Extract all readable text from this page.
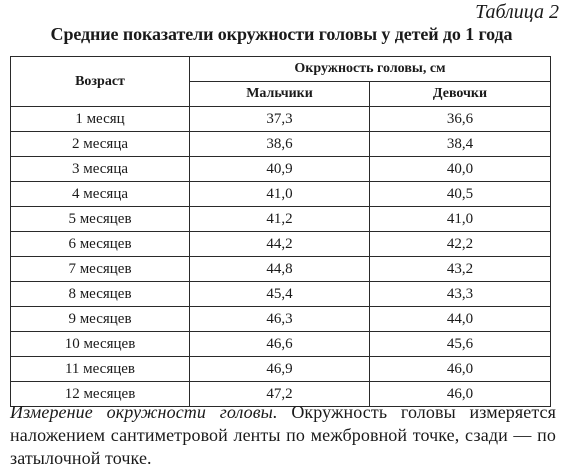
Таблица 2
Средние показатели окружности головы у детей до 1 года
Возраст	Окружность головы, см	
	Мальчики	Девочки
1 месяц	37,3	36,6
2 месяца	38,6	38,4
3 месяца	40,9	40,0
4 месяца	41,0	40,5
5 месяцев	41,2	41,0
6 месяцев	44,2	42,2
7 месяцев	44,8	43,2
8 месяцев	45,4	43,3
9 месяцев	46,3	44,0
10 месяцев	46,6	45,6
11 месяцев	46,9	46,0
12 месяцев	47,2	46,0
Измерение окружности головы. Окружность головы измеряется наложением сантиметровой ленты по межбровной точке, сзади — по затылочной точке.
